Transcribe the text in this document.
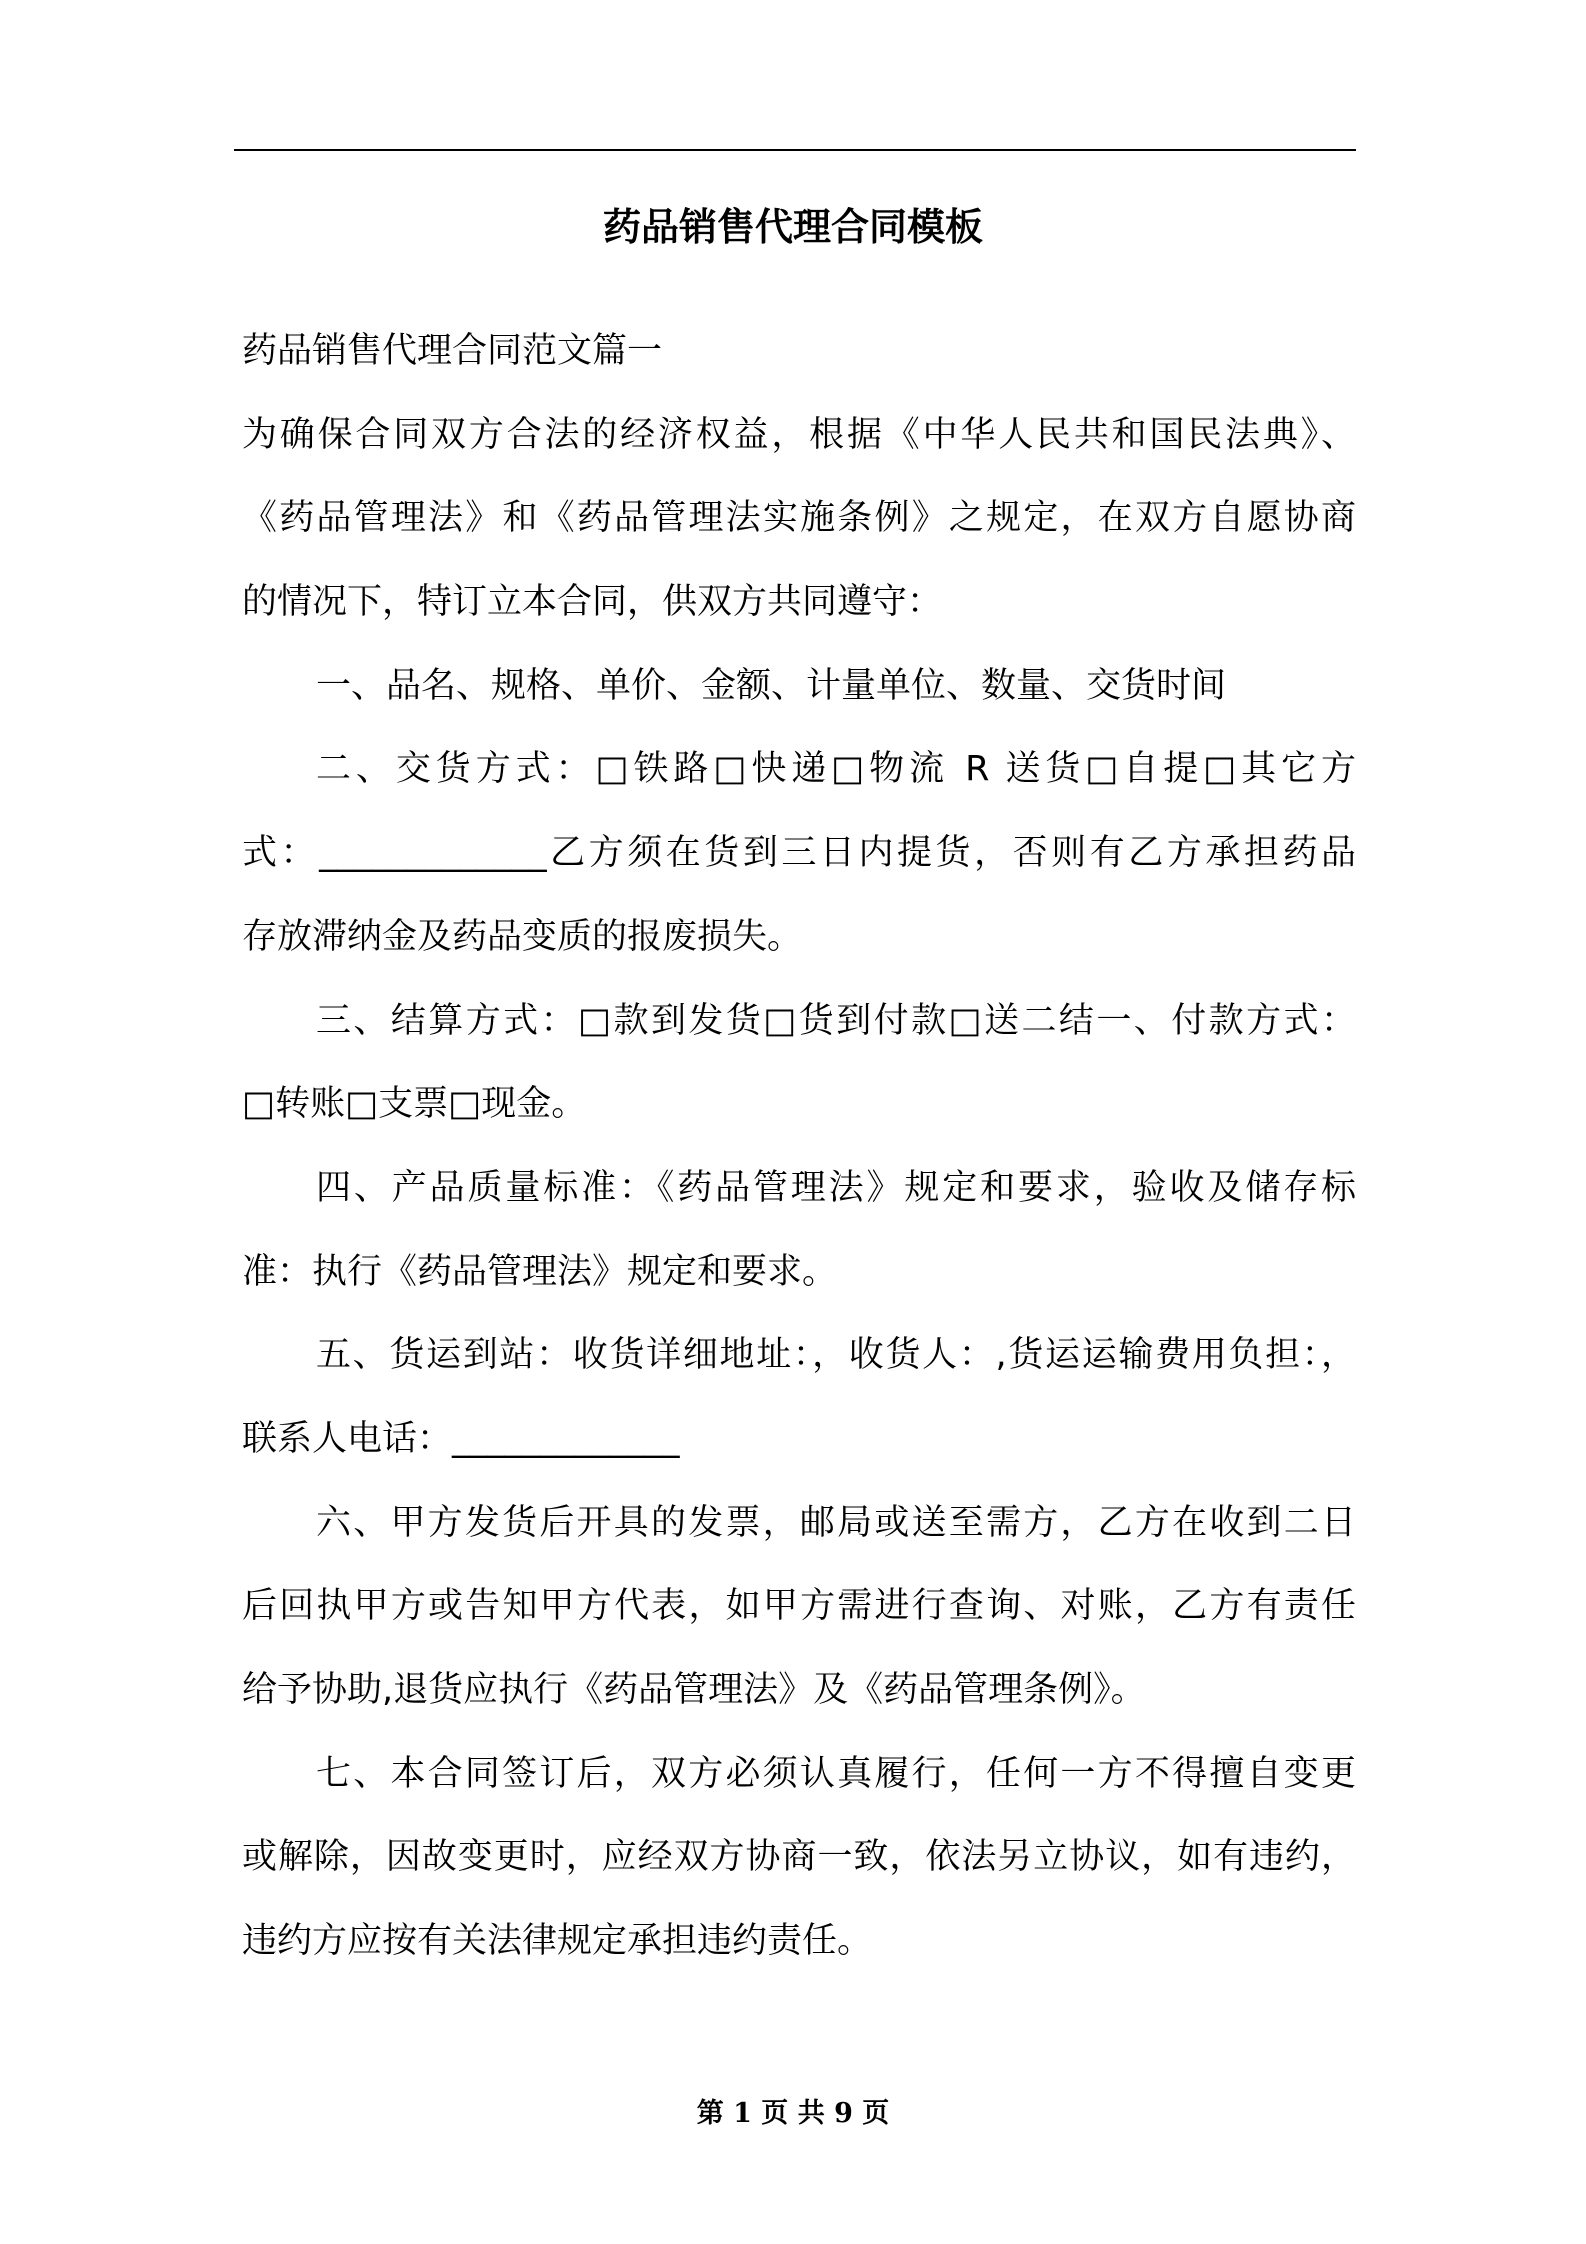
药品销售代理合同模板
药品销售代理合同范文篇一
为确保合同双方合法的经济权益，根据《中华人民共和国民法典》、
《药品管理法》和《药品管理法实施条例》之规定，在双方自愿协商
的情况下，特订立本合同，供双方共同遵守：
一、品名、规格、单价、金额、计量单位、数量、交货时间
二、交货方式：□铁路□快递□物流 R 送货□自提□其它方
式：_____________乙方须在货到三日内提货，否则有乙方承担药品
存放滞纳金及药品变质的报废损失。
三、结算方式：□款到发货□货到付款□送二结一、付款方式：
□转账□支票□现金。
四、产品质量标准：《药品管理法》规定和要求，验收及储存标
准：执行《药品管理法》规定和要求。
五、货运到站：收货详细地址：，收货人：,货运运输费用负担：，
联系人电话：_____________
六、甲方发货后开具的发票，邮局或送至需方，乙方在收到二日
后回执甲方或告知甲方代表，如甲方需进行查询、对账，乙方有责任
给予协助,退货应执行《药品管理法》及《药品管理条例》。
七、本合同签订后，双方必须认真履行，任何一方不得擅自变更
或解除，因故变更时，应经双方协商一致，依法另立协议，如有违约，
违约方应按有关法律规定承担违约责任。
第 1 页 共 9 页
